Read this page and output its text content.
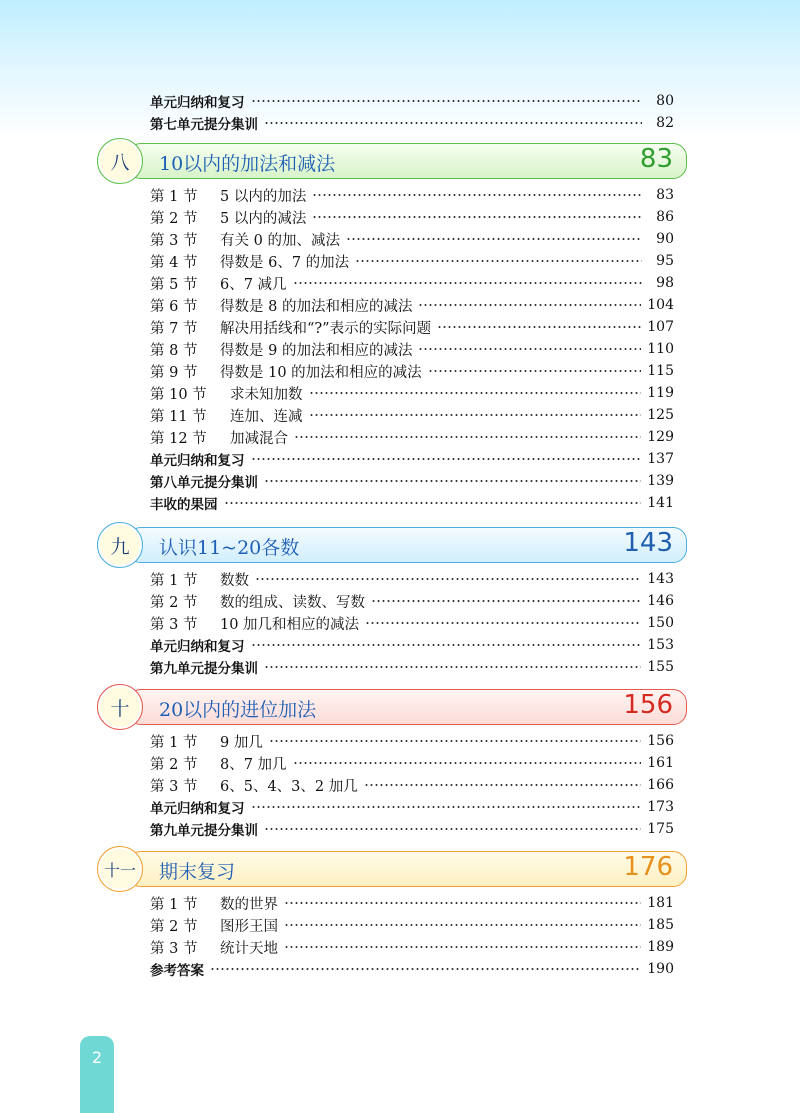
单元归纳和复习	80
第七单元提分集训	82
八	10以内的加法和减法	83
第 1 节	5 以内的加法	83
第 2 节	5 以内的减法	86
第 3 节	有关 0 的加、减法	90
第 4 节	得数是 6、7 的加法	95
第 5 节	6、7 减几	98
第 6 节	得数是 8 的加法和相应的减法	104
第 7 节	解决用括线和“?”表示的实际问题	107
第 8 节	得数是 9 的加法和相应的减法	110
第 9 节	得数是 10 的加法和相应的减法	115
第 10 节	求未知加数	119
第 11 节	连加、连减	125
第 12 节	加减混合	129
单元归纳和复习	137
第八单元提分集训	139
丰收的果园	141
九	认识11~20各数	143
第 1 节	数数	143
第 2 节	数的组成、读数、写数	146
第 3 节	10 加几和相应的减法	150
单元归纳和复习	153
第九单元提分集训	155
十	20以内的进位加法	156
第 1 节	9 加几	156
第 2 节	8、7 加几	161
第 3 节	6、5、4、3、2 加几	166
单元归纳和复习	173
第九单元提分集训	175
十一	期末复习	176
第 1 节	数的世界	181
第 2 节	图形王国	185
第 3 节	统计天地	189
参考答案	190
2
